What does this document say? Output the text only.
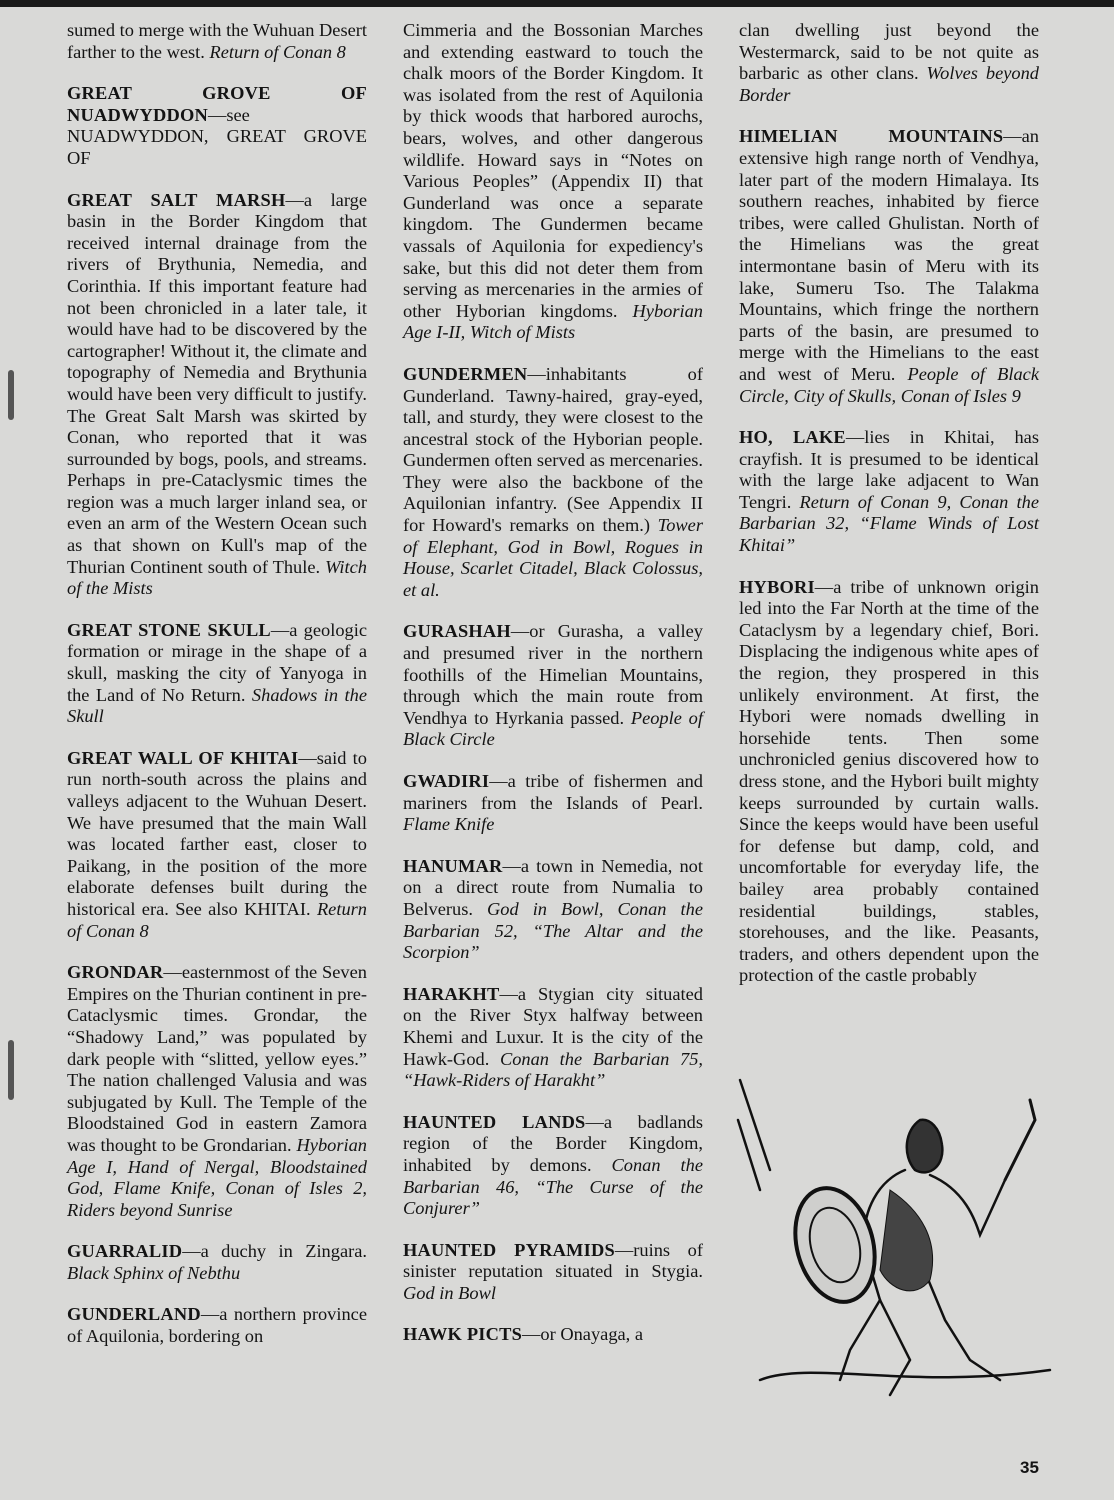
sumed to merge with the Wuhuan Desert farther to the west. Return of Conan 8

GREAT GROVE OF NUADWYDDON—see NUADWYDDON, GREAT GROVE OF

GREAT SALT MARSH—a large basin in the Border Kingdom that received internal drainage from the rivers of Brythunia, Nemedia, and Corinthia. If this important feature had not been chronicled in a later tale, it would have had to be discovered by the cartographer! Without it, the climate and topography of Nemedia and Brythunia would have been very difficult to justify. The Great Salt Marsh was skirted by Conan, who reported that it was surrounded by bogs, pools, and streams. Perhaps in pre-Cataclysmic times the region was a much larger inland sea, or even an arm of the Western Ocean such as that shown on Kull's map of the Thurian Continent south of Thule. Witch of the Mists

GREAT STONE SKULL—a geologic formation or mirage in the shape of a skull, masking the city of Yanyoga in the Land of No Return. Shadows in the Skull

GREAT WALL OF KHITAI—said to run north-south across the plains and valleys adjacent to the Wuhuan Desert. We have presumed that the main Wall was located farther east, closer to Paikang, in the position of the more elaborate defenses built during the historical era. See also KHITAI. Return of Conan 8

GRONDAR—easternmost of the Seven Empires on the Thurian continent in pre-Cataclysmic times. Grondar, the “Shadowy Land,” was populated by dark people with “slitted, yellow eyes.” The nation challenged Valusia and was subjugated by Kull. The Temple of the Bloodstained God in eastern Zamora was thought to be Grondarian. Hyborian Age I, Hand of Nergal, Bloodstained God, Flame Knife, Conan of Isles 2, Riders beyond Sunrise

GUARRALID—a duchy in Zingara. Black Sphinx of Nebthu

GUNDERLAND—a northern province of Aquilonia, bordering on

Cimmeria and the Bossonian Marches and extending eastward to touch the chalk moors of the Border Kingdom. It was isolated from the rest of Aquilonia by thick woods that harbored aurochs, bears, wolves, and other dangerous wildlife. Howard says in “Notes on Various Peoples” (Appendix II) that Gunderland was once a separate kingdom. The Gundermen became vassals of Aquilonia for expediency's sake, but this did not deter them from serving as mercenaries in the armies of other Hyborian kingdoms. Hyborian Age I-II, Witch of Mists

GUNDERMEN—inhabitants of Gunderland. Tawny-haired, gray-eyed, tall, and sturdy, they were closest to the ancestral stock of the Hyborian people. Gundermen often served as mercenaries. They were also the backbone of the Aquilonian infantry. (See Appendix II for Howard's remarks on them.) Tower of Elephant, God in Bowl, Rogues in House, Scarlet Citadel, Black Colossus, et al.

GURASHAH—or Gurasha, a valley and presumed river in the northern foothills of the Himelian Mountains, through which the main route from Vendhya to Hyrkania passed. People of Black Circle

GWADIRI—a tribe of fishermen and mariners from the Islands of Pearl. Flame Knife

HANUMAR—a town in Nemedia, not on a direct route from Numalia to Belverus. God in Bowl, Conan the Barbarian 52, “The Altar and the Scorpion”

HARAKHT—a Stygian city situated on the River Styx halfway between Khemi and Luxur. It is the city of the Hawk-God. Conan the Barbarian 75, “Hawk-Riders of Harakht”

HAUNTED LANDS—a badlands region of the Border Kingdom, inhabited by demons. Conan the Barbarian 46, “The Curse of the Conjurer”

HAUNTED PYRAMIDS—ruins of sinister reputation situated in Stygia. God in Bowl

HAWK PICTS—or Onayaga, a

clan dwelling just beyond the Westermarck, said to be not quite as barbaric as other clans. Wolves beyond Border

HIMELIAN MOUNTAINS—an extensive high range north of Vendhya, later part of the modern Himalaya. Its southern reaches, inhabited by fierce tribes, were called Ghulistan. North of the Himelians was the great intermontane basin of Meru with its lake, Sumeru Tso. The Talakma Mountains, which fringe the northern parts of the basin, are presumed to merge with the Himelians to the east and west of Meru. People of Black Circle, City of Skulls, Conan of Isles 9

HO, LAKE—lies in Khitai, has crayfish. It is presumed to be identical with the large lake adjacent to Wan Tengri. Return of Conan 9, Conan the Barbarian 32, “Flame Winds of Lost Khitai”

HYBORI—a tribe of unknown origin led into the Far North at the time of the Cataclysm by a legendary chief, Bori. Displacing the indigenous white apes of the region, they prospered in this unlikely environment. At first, the Hybori were nomads dwelling in horsehide tents. Then some unchronicled genius discovered how to dress stone, and the Hybori built mighty keeps surrounded by curtain walls. Since the keeps would have been useful for defense but damp, cold, and uncomfortable for everyday life, the bailey area probably contained residential buildings, stables, storehouses, and the like. Peasants, traders, and others dependent upon the protection of the castle probably

35
